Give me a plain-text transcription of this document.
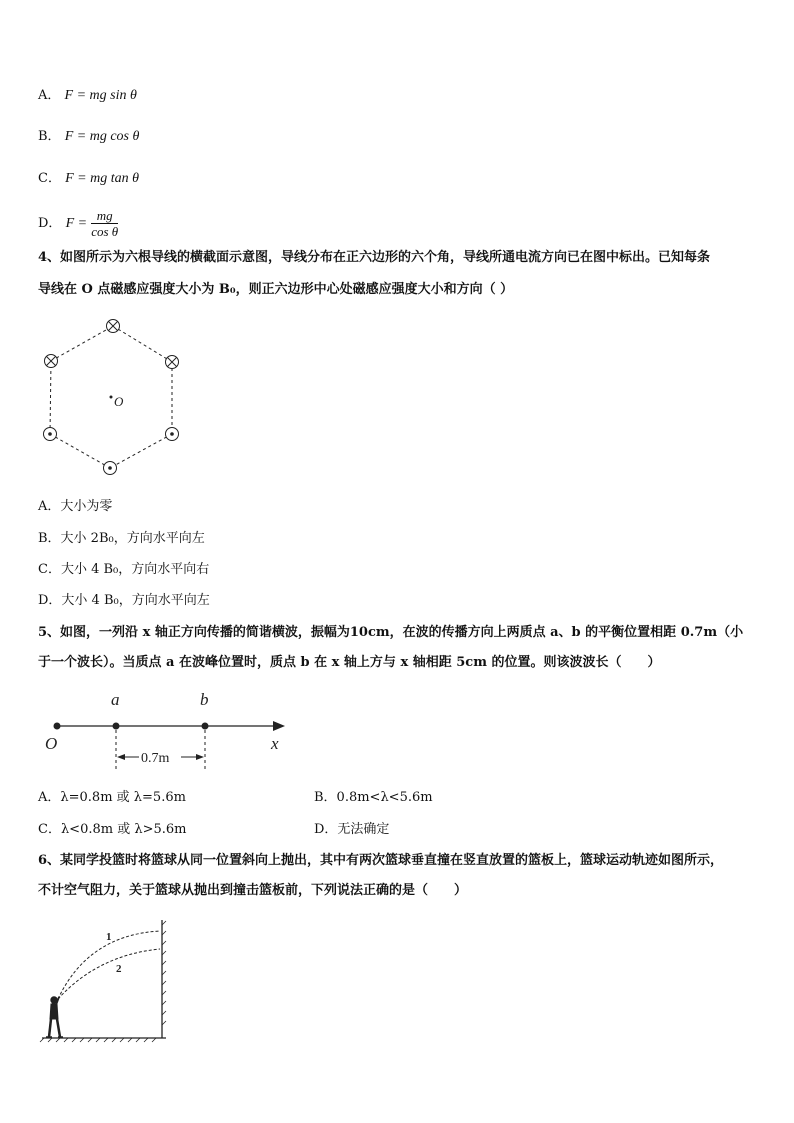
A． F = mg sin θ
B． F = mg cos θ
C． F = mg tan θ
D． $F = \frac{mg}{\text{cos θ}}$
4、如图所示为六根导线的横截面示意图，导线分布在正六边形的六个角，导线所通电流方向已在图中标出。已知每条
导线在 O 点磁感应强度大小为 B₀，则正六边形中心处磁感应强度大小和方向（ ）
O
A．大小为零
B．大小 2B₀，方向水平向左
C．大小 4 B₀，方向水平向右
D．大小 4 B₀，方向水平向左
5、如图，一列沿 x 轴正方向传播的简谐横波，振幅为10cm，在波的传播方向上两质点 a、b 的平衡位置相距 0.7m（小
于一个波长）。当质点 a 在波峰位置时，质点 b 在 x 轴上方与 x 轴相距 5cm 的位置。则该波波长（　　）
O
a	b
x
0.7m
A．λ=0.8m 或 λ=5.6m	B．0.8m<λ<5.6m
C．λ<0.8m 或 λ>5.6m	D．无法确定
6、某同学投篮时将篮球从同一位置斜向上抛出，其中有两次篮球垂直撞在竖直放置的篮板上，篮球运动轨迹如图所示，
不计空气阻力，关于篮球从抛出到撞击篮板前，下列说法正确的是（　　）
1
2
